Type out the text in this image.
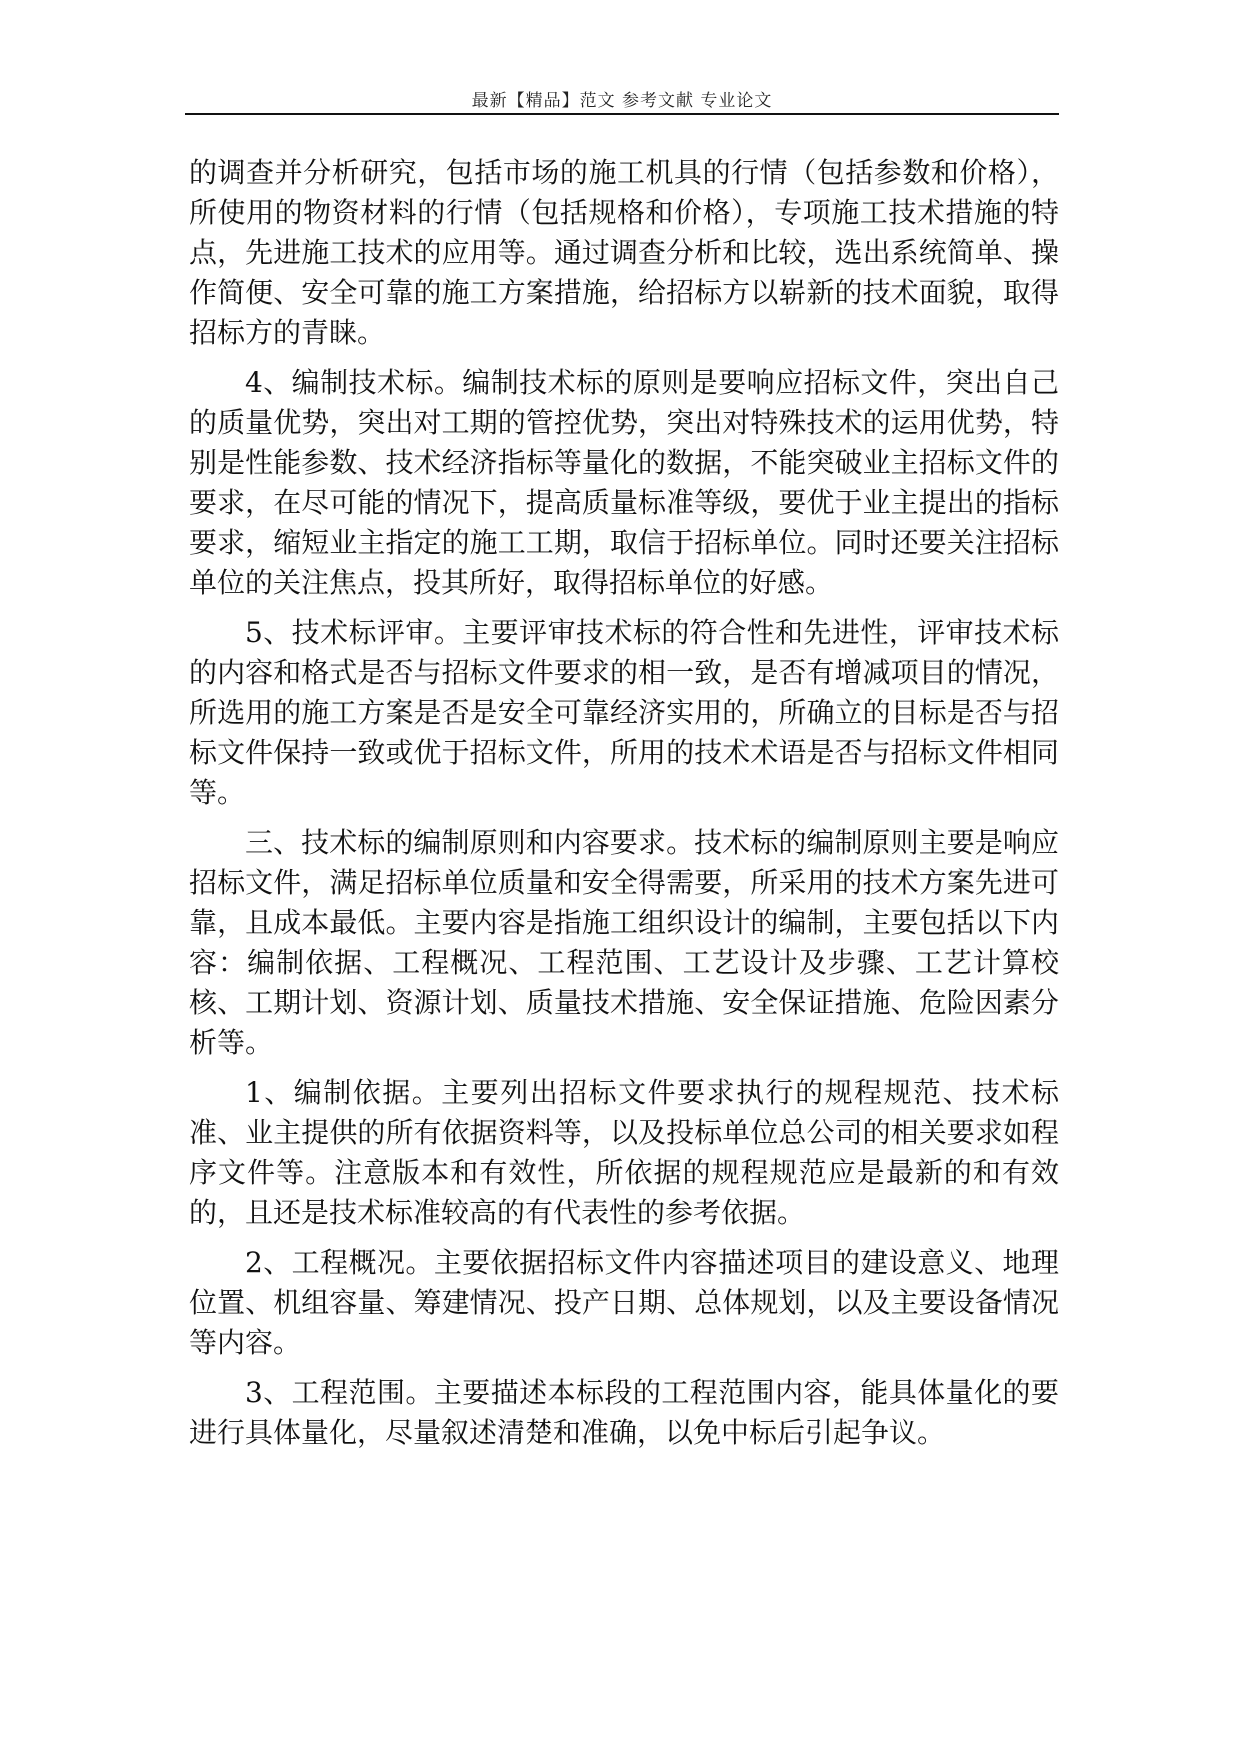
最新【精品】范文 参考文献 专业论文

的调查并分析研究，包括市场的施工机具的行情（包括参数和价格），所使用的物资材料的行情（包括规格和价格），专项施工技术措施的特点，先进施工技术的应用等。通过调查分析和比较，选出系统简单、操作简便、安全可靠的施工方案措施，给招标方以崭新的技术面貌，取得招标方的青睐。

4、编制技术标。编制技术标的原则是要响应招标文件，突出自己的质量优势，突出对工期的管控优势，突出对特殊技术的运用优势，特别是性能参数、技术经济指标等量化的数据，不能突破业主招标文件的要求，在尽可能的情况下，提高质量标准等级，要优于业主提出的指标要求，缩短业主指定的施工工期，取信于招标单位。同时还要关注招标单位的关注焦点，投其所好，取得招标单位的好感。

5、技术标评审。主要评审技术标的符合性和先进性，评审技术标的内容和格式是否与招标文件要求的相一致，是否有增减项目的情况，所选用的施工方案是否是安全可靠经济实用的，所确立的目标是否与招标文件保持一致或优于招标文件，所用的技术术语是否与招标文件相同等。

三、技术标的编制原则和内容要求。技术标的编制原则主要是响应招标文件，满足招标单位质量和安全得需要，所采用的技术方案先进可靠，且成本最低。主要内容是指施工组织设计的编制，主要包括以下内容：编制依据、工程概况、工程范围、工艺设计及步骤、工艺计算校核、工期计划、资源计划、质量技术措施、安全保证措施、危险因素分析等。

1、编制依据。主要列出招标文件要求执行的规程规范、技术标准、业主提供的所有依据资料等，以及投标单位总公司的相关要求如程序文件等。注意版本和有效性，所依据的规程规范应是最新的和有效的，且还是技术标准较高的有代表性的参考依据。

2、工程概况。主要依据招标文件内容描述项目的建设意义、地理位置、机组容量、筹建情况、投产日期、总体规划，以及主要设备情况等内容。

3、工程范围。主要描述本标段的工程范围内容，能具体量化的要进行具体量化，尽量叙述清楚和准确，以免中标后引起争议。
